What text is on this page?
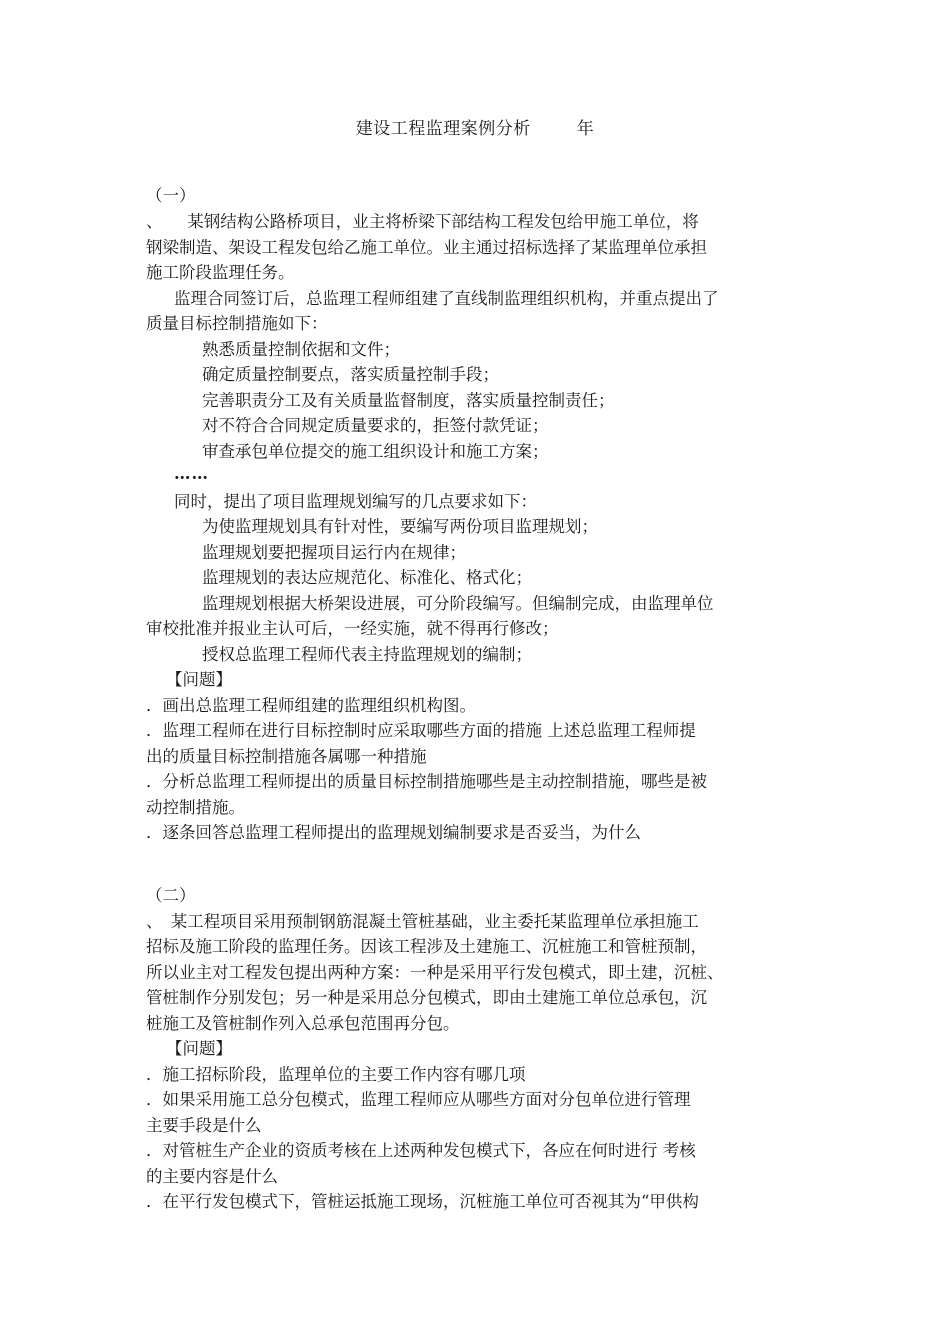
建设工程监理案例分析	年
（一）
、　　某钢结构公路桥项目，业主将桥梁下部结构工程发包给甲施工单位，将
钢梁制造、架设工程发包给乙施工单位。业主通过招标选择了某监理单位承担
施工阶段监理任务。
监理合同签订后，总监理工程师组建了直线制监理组织机构，并重点提出了
质量目标控制措施如下：
熟悉质量控制依据和文件；
确定质量控制要点，落实质量控制手段；
完善职责分工及有关质量监督制度，落实质量控制责任；
对不符合合同规定质量要求的，拒签付款凭证；
审查承包单位提交的施工组织设计和施工方案；
……
同时，提出了项目监理规划编写的几点要求如下：
为使监理规划具有针对性，要编写两份项目监理规划；
监理规划要把握项目运行内在规律；
监理规划的表达应规范化、标准化、格式化；
监理规划根据大桥架设进展，可分阶段编写。但编制完成，由监理单位
审校批准并报业主认可后，一经实施，就不得再行修改；
授权总监理工程师代表主持监理规划的编制；
【问题】
．画出总监理工程师组建的监理组织机构图。
．监理工程师在进行目标控制时应采取哪些方面的措施 上述总监理工程师提
出的质量目标控制措施各属哪一种措施
．分析总监理工程师提出的质量目标控制措施哪些是主动控制措施，哪些是被
动控制措施。
．逐条回答总监理工程师提出的监理规划编制要求是否妥当，为什么
（二）
、　某工程项目采用预制钢筋混凝土管桩基础，业主委托某监理单位承担施工
招标及施工阶段的监理任务。因该工程涉及土建施工、沉桩施工和管桩预制，
所以业主对工程发包提出两种方案：一种是采用平行发包模式，即土建，沉桩、
管桩制作分别发包；另一种是采用总分包模式，即由土建施工单位总承包，沉
桩施工及管桩制作列入总承包范围再分包。
【问题】
．施工招标阶段，监理单位的主要工作内容有哪几项
．如果采用施工总分包模式，监理工程师应从哪些方面对分包单位进行管理
主要手段是什么
．对管桩生产企业的资质考核在上述两种发包模式下，各应在何时进行 考核
的主要内容是什么
．在平行发包模式下，管桩运抵施工现场，沉桩施工单位可否视其为“甲供构
